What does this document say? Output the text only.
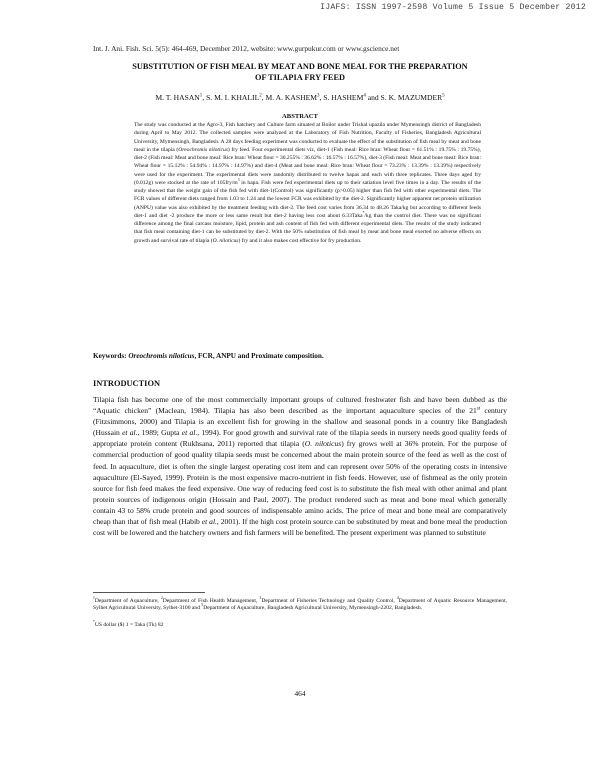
IJAFS: ISSN 1997-2598 Volume 5 Issue 5 December 2012
Int. J. Ani. Fish. Sci. 5(5): 464-469, December 2012, website: www.gurpukur.com or www.gscience.net
SUBSTITUTION OF FISH MEAL BY MEAT AND BONE MEAL FOR THE PREPARATION
OF TILAPIA FRY FEED
M. T. HASAN$^1$, S. M. I. KHALIL$^2$, M. A. KASHEM$^3$, S. HASHEM$^4$ and S. K. MAZUMDER$^5$
ABSTRACT
The study was conducted at the Agro-3, Fish hatchery and Culture farm situated at Boilor under Trishal upazila under Mymensingh district of Bangladesh during April to May 2012. The collected samples were analyzed at the Laboratory of Fish Nutrition, Faculty of Fisheries, Bangladesh Agricultural University, Mymensingh, Bangladesh. A 28 days feeding experiment was conducted to evaluate the effect of the substitution of fish meal by meat and bone meal in the tilapia (Oreochromis niloticus) fry feed. Four experimental diets viz, diet-1 (Fish meal: Rice bran: Wheat flour = 61.51% : 19.75% : 19.75%), diet-2 (Fish meal: Meat and bone meal: Rice bran: Wheat flour = 30.255% : 36.62% : 16.57% : 16.57%), diet-3 (Fish meal: Meat and bone meal: Rice bran: Wheat flour = 15.12% : 54.94% : 14.97% : 14.97%) and diet-4 (Meat and bone meal: Rice bran: Wheat flour = 73.23% : 13.39% : 13.39%) respectively were used for the experiment. The experimental diets were randomly distributed to twelve hapas and each with three replicates. Three days aged fry (0.012g) were stocked at the rate of $105fry/m^3$ in hapa. Fish were fed experimental diets up to their satiation level five times in a day. The results of the study showed that the weight gain of the fish fed with diet-1(Control) was significantly (p>0.05) higher than fish fed with other experimental diets. The FCR values of different diets ranged from 1.03 to 1.24 and the lowest FCR was exhibited by the diet-2. Significantly higher apparent net protein utilization (ANPU) value was also exhibited by the treatment feeding with diet-2. The feed cost varies from 36.34 to 48.26 Taka/kg but according to different feeds diet-1 and diet -2 produce the more or less same result but diet-2 having less cost about 6.33Taka*/kg than the control diet. There was no significant difference among the final carcass moisture, lipid, protein and ash content of fish fed with different experimental diets. The results of the study indicated that fish meal containing diet-1 can be substituted by diet-2. With the 50% substitution of fish meal by meat and bone meal exerted no adverse effects on growth and survival rate of tilapia (O. niloticus) fry and it also makes cost effective for fry production.
Keywords: Oreochromis niloticus, FCR, ANPU and Proximate composition.
INTRODUCTION
Tilapia fish has become one of the most commercially important groups of cultured freshwater fish and have been dubbed as the “Aquatic chicken” (Maclean, 1984). Tilapia has also been described as the important aquaculture species of the 21st century (Fitzsimmons, 2000) and Tilapia is an excellent fish for growing in the shallow and seasonal ponds in a country like Bangladesh (Hussain et al., 1989; Gupta et al., 1994). For good growth and survival rate of the tilapia seeds in nursery needs good quality feeds of appropriate protein content (Rukhsana, 2011) reported that tilapia (O. niloticus) fry grows well at 36% protein. For the purpose of commercial production of good quality tilapia seeds must be concerned about the main protein source of the feed as well as the cost of feed. In aquaculture, diet is often the single largest operating cost item and can represent over 50% of the operating costs in intensive aquaculture (El-Sayed, 1999). Protein is the most expensive macro-nutrient in fish feeds. However, use of fishmeal as the only protein source for fish feed makes the feed expensive. One way of reducing feed cost is to substitute the fish meal with other animal and plant protein sources of indigenous origin (Hossain and Paul, 2007). The product rendered such as meat and bone meal which generally contain 43 to 58% crude protein and good sources of indispensable amino acids. The price of meat and bone meal are comparatively cheap than that of fish meal (Habib et al., 2001). If the high cost protein source can be substituted by meat and bone meal the production cost will be lowered and the hatchery owners and fish farmers will be benefited. The present experiment was planned to substitute
$^1$Department of Aquaculture, $^2$Department of Fish Health Management, $^3$Department of Fisheries Technology and Quality Control, $^4$Department of Aquatic Resource Management, Sylhet Agricultural University, Sylhet-3100 and $^5$Department of Aquaculture, Bangladesh Agricultural University, Mymensingh-2202, Bangladesh.
*US dollar ($) 1 = Taka (Tk) 82
464
